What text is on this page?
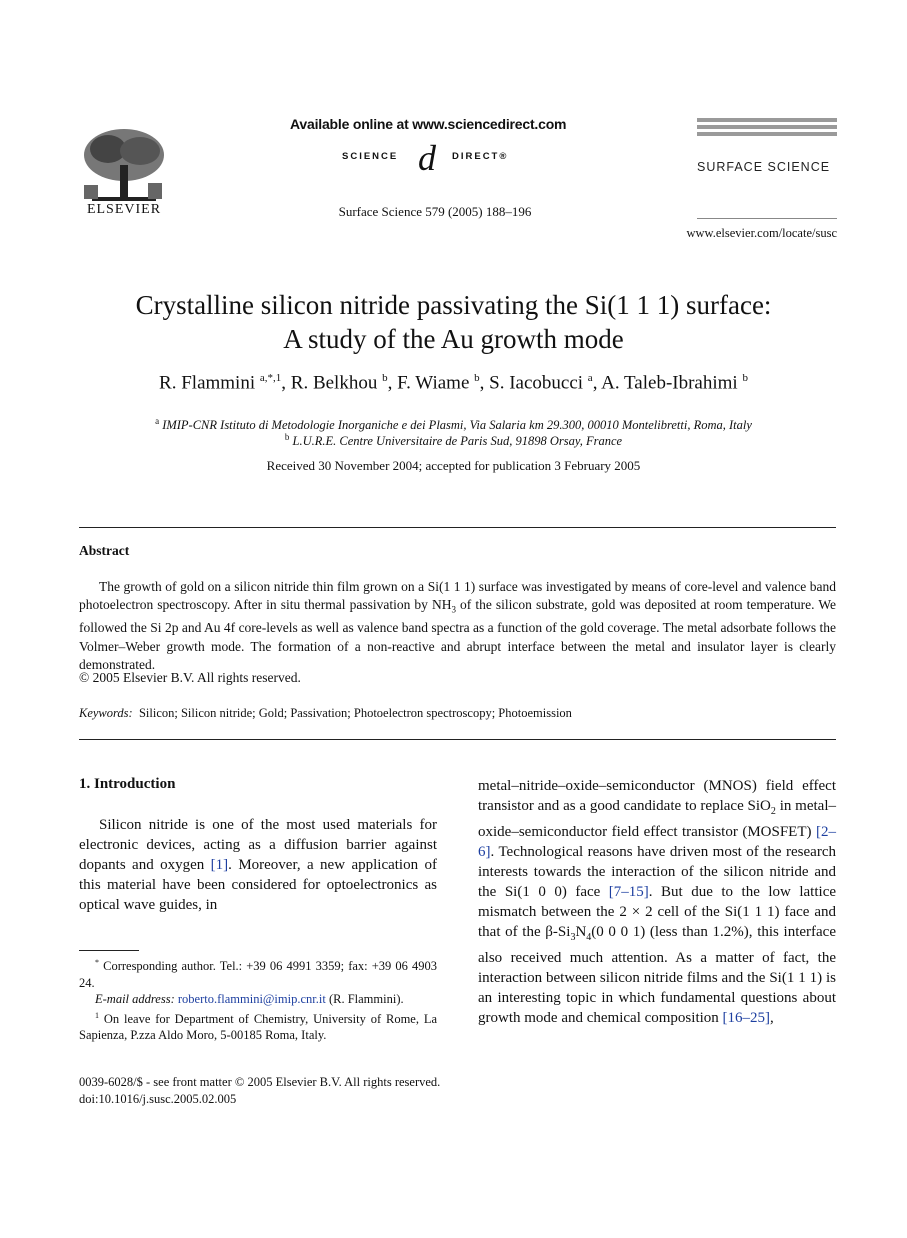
ELSEVIER
Available online at www.sciencedirect.com
SCIENCE d DIRECT®
Surface Science 579 (2005) 188–196
SURFACE SCIENCE
www.elsevier.com/locate/susc
Crystalline silicon nitride passivating the Si(1 1 1) surface:
A study of the Au growth mode
R. Flammini $^{a,*,1}$, R. Belkhou $^b$, F. Wiame $^b$, S. Iacobucci $^a$, A. Taleb-Ibrahimi $^b$
$^a$ IMIP-CNR Istituto di Metodologie Inorganiche e dei Plasmi, Via Salaria km 29.300, 00010 Montelibretti, Roma, Italy
$^b$ L.U.R.E. Centre Universitaire de Paris Sud, 91898 Orsay, France
Received 30 November 2004; accepted for publication 3 February 2005
Abstract

The growth of gold on a silicon nitride thin film grown on a Si(1 1 1) surface was investigated by means of core-level and valence band photoelectron spectroscopy. After in situ thermal passivation by $NH_3$ of the silicon substrate, gold was deposited at room temperature. We followed the Si 2p and Au 4f core-levels as well as valence band spectra as a function of the gold coverage. The metal adsorbate follows the Volmer–Weber growth mode. The formation of a non-reactive and abrupt interface between the metal and insulator layer is clearly demonstrated.

© 2005 Elsevier B.V. All rights reserved.
Keywords: Silicon; Silicon nitride; Gold; Passivation; Photoelectron spectroscopy; Photoemission
1. Introduction

Silicon nitride is one of the most used materials for electronic devices, acting as a diffusion barrier against dopants and oxygen [1]. Moreover, a new application of this material have been considered for optoelectronics as optical wave guides, in

metal–nitride–oxide–semiconductor (MNOS) field effect transistor and as a good candidate to replace SiO$_2$ in metal–oxide–semiconductor field effect transistor (MOSFET) [2–6]. Technological reasons have driven most of the research interests towards the interaction of the silicon nitride and the Si(1 0 0) face [7–15]. But due to the low lattice mismatch between the 2 × 2 cell of the Si(1 1 1) face and that of the $\beta-Si_3N_4(0$ 0 0 1) (less than 1.2%), this interface also received much attention. As a matter of fact, the interaction between silicon nitride films and the Si(1 1 1) is an interesting topic in which fundamental questions about growth mode and chemical composition [16–25],

* Corresponding author. Tel.: +39 06 4991 3359; fax: +39 06 4903 24.

E-mail address: roberto.flammini@imip.cnr.it (R. Flammini).

$^1$ On leave for Department of Chemistry, University of Rome, La Sapienza, P.zza Aldo Moro, 5-00185 Roma, Italy.

0039-6028/$ - see front matter © 2005 Elsevier B.V. All rights reserved.
doi:10.1016/j.susc.2005.02.005
